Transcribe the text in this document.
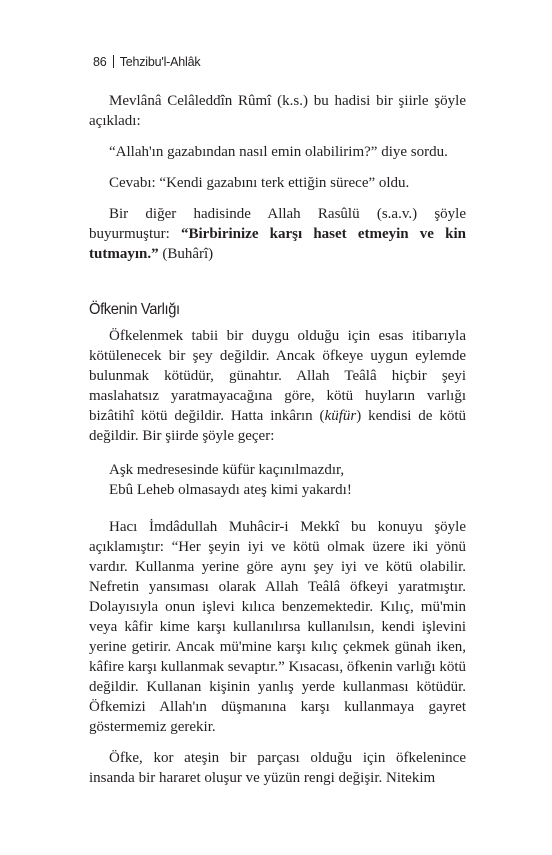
86 Tehzibu'l-Ahlâk

Mevlânâ Celâleddîn Rûmî (k.s.) bu hadisi bir şiirle şöyle açıkladı:

“Allah'ın gazabından nasıl emin olabilirim?” diye sordu.

Cevabı: “Kendi gazabını terk ettiğin sürece” oldu.

Bir diğer hadisinde Allah Rasûlü (s.a.v.) şöyle buyurmuştur: “Birbirinize karşı haset etmeyin ve kin tutmayın.” (Buhârî)

Öfkenin Varlığı

Öfkelenmek tabii bir duygu olduğu için esas itibarıyla kötülenecek bir şey değildir. Ancak öfkeye uygun eylemde bulunmak kötüdür, günahtır. Allah Teâlâ hiçbir şeyi maslahatsız yaratmayacağına göre, kötü huyların varlığı bizâtihî kötü değildir. Hatta inkârın (küfür) kendisi de kötü değildir. Bir şiirde şöyle geçer:

Aşk medresesinde küfür kaçınılmazdır,
Ebû Leheb olmasaydı ateş kimi yakardı!

Hacı İmdâdullah Muhâcir-i Mekkî bu konuyu şöyle açıklamıştır: “Her şeyin iyi ve kötü olmak üzere iki yönü vardır. Kullanma yerine göre aynı şey iyi ve kötü olabilir. Nefretin yansıması olarak Allah Teâlâ öfkeyi yaratmıştır. Dolayısıyla onun işlevi kılıca benzemektedir. Kılıç, mü'min veya kâfir kime karşı kullanılırsa kullanılsın, kendi işlevini yerine getirir. Ancak mü'mine karşı kılıç çekmek günah iken, kâfire karşı kullanmak sevaptır.” Kısacası, öfkenin varlığı kötü değildir. Kullanan kişinin yanlış yerde kullanması kötüdür. Öfkemizi Allah'ın düşmanına karşı kullanmaya gayret göstermemiz gerekir.

Öfke, kor ateşin bir parçası olduğu için öfkelenince insanda bir hararet oluşur ve yüzün rengi değişir. Nitekim
